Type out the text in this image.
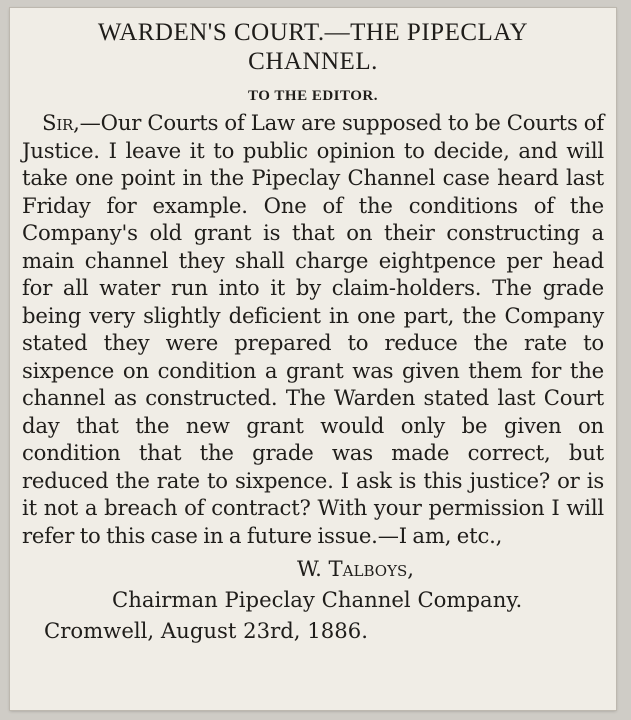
WARDEN'S COURT.—THE PIPECLAY
CHANNEL.
TO THE EDITOR.

Sir,—Our Courts of Law are supposed to be Courts of Justice. I leave it to public opinion to decide, and will take one point in the Pipeclay Channel case heard last Friday for example. One of the conditions of the Company's old grant is that on their constructing a main channel they shall charge eightpence per head for all water run into it by claim-holders. The grade being very slightly deficient in one part, the Company stated they were prepared to reduce the rate to sixpence on condition a grant was given them for the channel as constructed. The Warden stated last Court day that the new grant would only be given on condition that the grade was made correct, but reduced the rate to sixpence. I ask is this justice? or is it not a breach of contract? With your permission I will refer to this case in a future issue.—I am, etc.,

W. Talboys,
Chairman Pipeclay Channel Company.
Cromwell, August 23rd, 1886.
